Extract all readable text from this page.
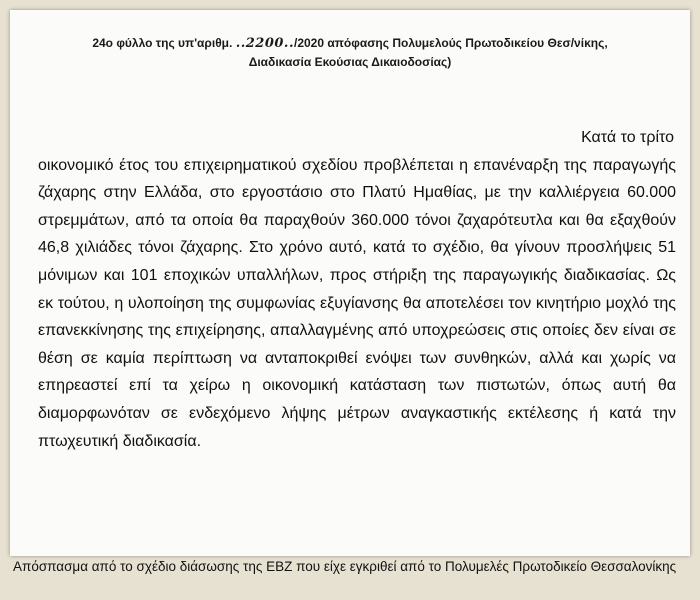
24ο φύλλο της υπ'αριθμ. ..2200../2020 απόφασης Πολυμελούς Πρωτοδικείου Θεσ/νίκης,
Διαδικασία Εκούσιας Δικαιοδοσίας)
Κατά το τρίτο
οικονομικό έτος του επιχειρηματικού σχεδίου προβλέπεται η επανέναρξη της παραγωγής ζάχαρης στην Ελλάδα, στο εργοστάσιο στο Πλατύ Ημαθίας, με την καλλιέργεια 60.000 στρεμμάτων, από τα οποία θα παραχθούν 360.000 τόνοι ζαχαρότευτλα και θα εξαχθούν 46,8 χιλιάδες τόνοι ζάχαρης. Στο χρόνο αυτό, κατά το σχέδιο, θα γίνουν προσλήψεις 51 μόνιμων και 101 εποχικών υπαλλήλων, προς στήριξη της παραγωγικής διαδικασίας. Ως εκ τούτου, η υλοποίηση της συμφωνίας εξυγίανσης θα αποτελέσει τον κινητήριο μοχλό της επανεκκίνησης της επιχείρησης, απαλλαγμένης από υποχρεώσεις στις οποίες δεν είναι σε θέση σε καμία περίπτωση να ανταποκριθεί ενόψει των συνθηκών, αλλά και χωρίς να επηρεαστεί επί τα χείρω η οικονομική κατάσταση των πιστωτών, όπως αυτή θα διαμορφωνόταν σε ενδεχόμενο λήψης μέτρων αναγκαστικής εκτέλεσης ή κατά την πτωχευτική διαδικασία.
Απόσπασμα από το σχέδιο διάσωσης της ΕΒΖ που είχε εγκριθεί από το Πολυμελές Πρωτοδικείο Θεσσαλονίκης
